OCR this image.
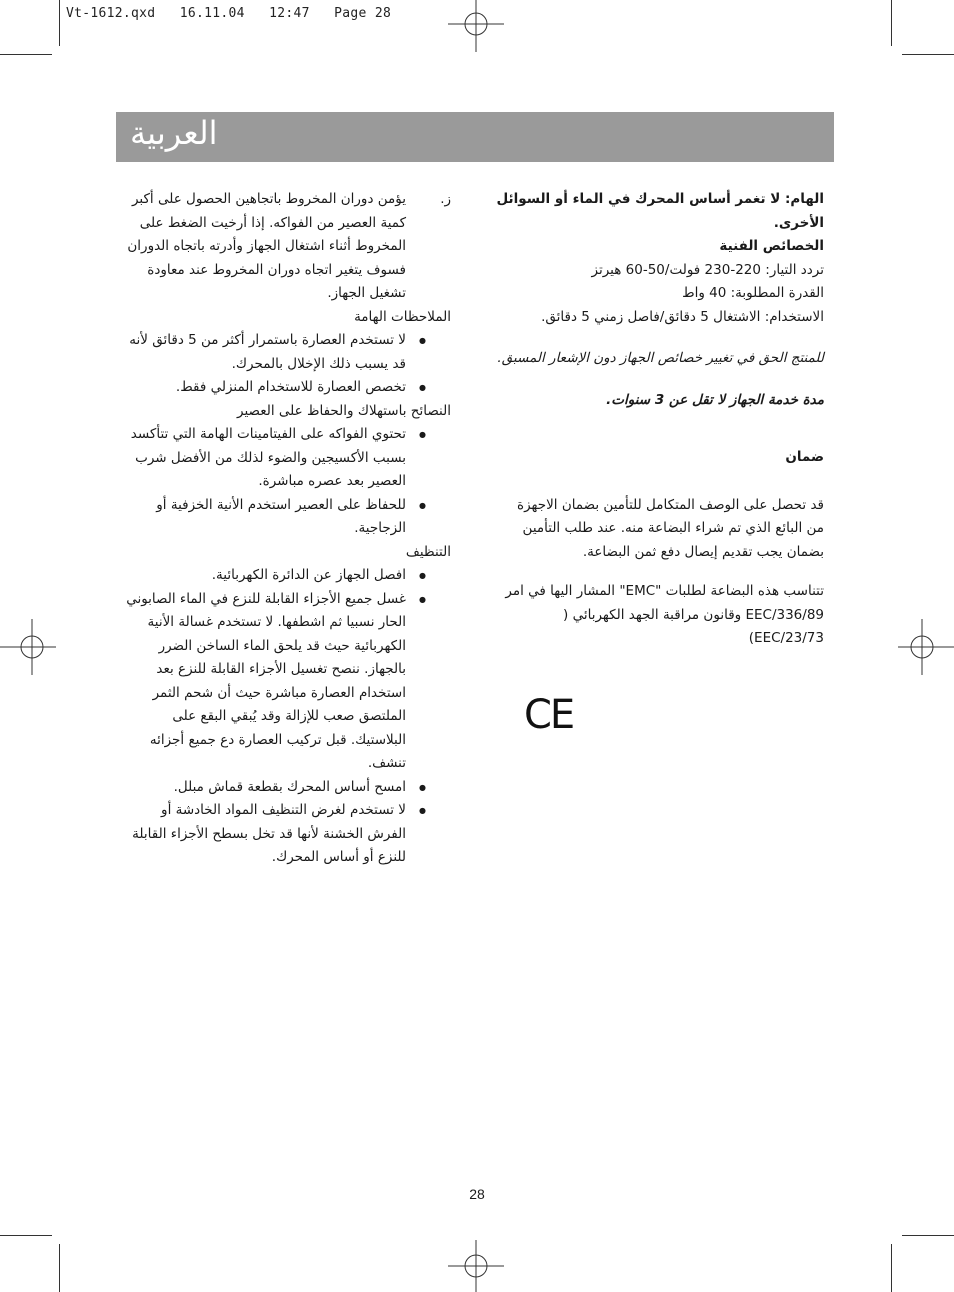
Vt-1612.qxd   16.11.04   12:47   Page 28
العربية

الهام: لا تغمر أساس المحرك في الماء أو السوائل الأخرى.

الخصائص الفنية

تردد التيار: 220-230 فولت/50-60 هيرتز

القدرة المطلوبة: 40 واط

الاستخدام: الاشتغال 5 دقائق/فاصل زمني 5 دقائق.

للمنتج الحق في تغيير خصائص الجهاز دون الإشعار المسبق.

مدة خدمة الجهاز لا تقل عن 3 سنوات.

ضمان

قد تحصل على الوصف المتكامل للتأمين بضمان الاجهزة من البائع الذي تم شراء البضاعة منه. عند طلب التأمين بضمان يجب تقديم إيصال دفع ثمن البضاعة.

تتناسب هذه البضاعة لطلبات "EMC" المشار اليها في امر EEC/336/89 وقانون مراقبة الجهد الكهربائي ( EEC/23/73)

CE
ز.

يؤمن دوران المخروط باتجاهين الحصول على أكبر كمية العصير من الفواكه. إذا أرخيت الضغط على المخروط أثناء اشتغال الجهاز وأدرته باتجاه الدوران فسوف يتغير اتجاه دوران المخروط عند معاودة تشغيل الجهاز.

الملاحظات الهامة

● لا تستخدم العصارة باستمرار أكثر من 5 دقائق لأنه قد يسبب ذلك الإخلال بالمحرك.
● تخصص العصارة للاستخدام المنزلي فقط.

النصائح باستهلاك والحفاظ على العصير

● تحتوي الفواكه على الفيتامينات الهامة التي تتأكسد بسبب الأكسيجين والضوء لذلك من الأفضل شرب العصير بعد عصره مباشرة.
● للحفاظ على العصير استخدم الأنية الخزفية أو الزجاجية.

التنظيف

● افصل الجهاز عن الدائرة الكهربائية.
● غسل جميع الأجزاء القابلة للنزع في الماء الصابوني الحار نسبيا ثم اشطفها. لا تستخدم غسالة الأنية الكهربائية حيث قد يلحق الماء الساخن الضرر بالجهاز. ننصح تغسيل الأجزاء القابلة للنزع بعد استخدام العصارة مباشرة حيث أن شحم الثمر الملتصق صعب للإزالة وقد يُبقي البقع على البلاستيك. قبل تركيب العصارة دع جميع أجزائه تنشف.
● امسح أساس المحرك بقطعة قماش مبلل.
● لا تستخدم لغرض التنظيف المواد الخادشة أو الفرش الخشنة لأنها قد تخل بسطح الأجزاء القابلة للنزع أو أساس المحرك.
28
